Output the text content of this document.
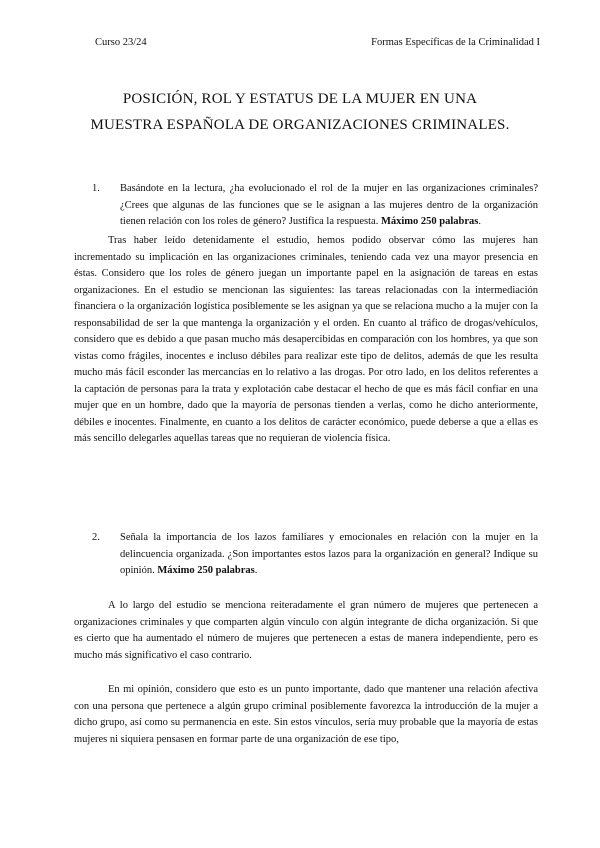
Curso 23/24	Formas Específicas de la Criminalidad I
POSICIÓN, ROL Y ESTATUS DE LA MUJER EN UNA MUESTRA ESPAÑOLA DE ORGANIZACIONES CRIMINALES.
1. Basándote en la lectura, ¿ha evolucionado el rol de la mujer en las organizaciones criminales? ¿Crees que algunas de las funciones que se le asignan a las mujeres dentro de la organización tienen relación con los roles de género? Justifica la respuesta. Máximo 250 palabras.

Tras haber leído detenidamente el estudio, hemos podido observar cómo las mujeres han incrementado su implicación en las organizaciones criminales, teniendo cada vez una mayor presencia en éstas. Considero que los roles de género juegan un importante papel en la asignación de tareas en estas organizaciones. En el estudio se mencionan las siguientes: las tareas relacionadas con la intermediación financiera o la organización logística posiblemente se les asignan ya que se relaciona mucho a la mujer con la responsabilidad de ser la que mantenga la organización y el orden. En cuanto al tráfico de drogas/vehículos, considero que es debido a que pasan mucho más desapercibidas en comparación con los hombres, ya que son vistas como frágiles, inocentes e incluso débiles para realizar este tipo de delitos, además de que les resulta mucho más fácil esconder las mercancías en lo relativo a las drogas. Por otro lado, en los delitos referentes a la captación de personas para la trata y explotación cabe destacar el hecho de que es más fácil confiar en una mujer que en un hombre, dado que la mayoría de personas tienden a verlas, como he dicho anteriormente, débiles e inocentes. Finalmente, en cuanto a los delitos de carácter económico, puede deberse a que a ellas es más sencillo delegarles aquellas tareas que no requieran de violencia física.

2. Señala la importancia de los lazos familiares y emocionales en relación con la mujer en la delincuencia organizada. ¿Son importantes estos lazos para la organización en general? Indique su opinión. Máximo 250 palabras.

A lo largo del estudio se menciona reiteradamente el gran número de mujeres que pertenecen a organizaciones criminales y que comparten algún vínculo con algún integrante de dicha organización. Si que es cierto que ha aumentado el número de mujeres que pertenecen a estas de manera independiente, pero es mucho más significativo el caso contrario.

En mi opinión, considero que esto es un punto importante, dado que mantener una relación afectiva con una persona que pertenece a algún grupo criminal posiblemente favorezca la introducción de la mujer a dicho grupo, así como su permanencia en este. Sin estos vínculos, sería muy probable que la mayoría de estas mujeres ni siquiera pensasen en formar parte de una organización de ese tipo,
